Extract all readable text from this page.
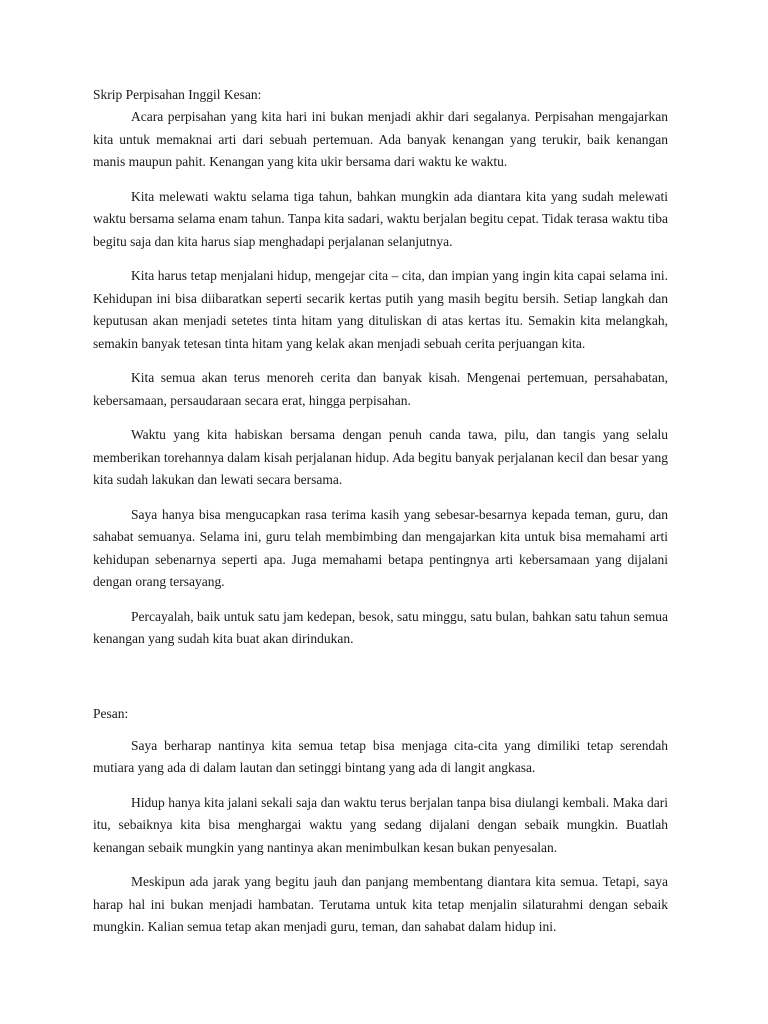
Skrip Perpisahan Inggil Kesan:

Acara perpisahan yang kita hari ini bukan menjadi akhir dari segalanya. Perpisahan mengajarkan kita untuk memaknai arti dari sebuah pertemuan. Ada banyak kenangan yang terukir, baik kenangan manis maupun pahit. Kenangan yang kita ukir bersama dari waktu ke waktu.

Kita melewati waktu selama tiga tahun, bahkan mungkin ada diantara kita yang sudah melewati waktu bersama selama enam tahun. Tanpa kita sadari, waktu berjalan begitu cepat. Tidak terasa waktu tiba begitu saja dan kita harus siap menghadapi perjalanan selanjutnya.

Kita harus tetap menjalani hidup, mengejar cita – cita, dan impian yang ingin kita capai selama ini. Kehidupan ini bisa diibaratkan seperti secarik kertas putih yang masih begitu bersih. Setiap langkah dan keputusan akan menjadi setetes tinta hitam yang dituliskan di atas kertas itu. Semakin kita melangkah, semakin banyak tetesan tinta hitam yang kelak akan menjadi sebuah cerita perjuangan kita.

Kita semua akan terus menoreh cerita dan banyak kisah. Mengenai pertemuan, persahabatan, kebersamaan, persaudaraan secara erat, hingga perpisahan.

Waktu yang kita habiskan bersama dengan penuh canda tawa, pilu, dan tangis yang selalu memberikan torehannya dalam kisah perjalanan hidup. Ada begitu banyak perjalanan kecil dan besar yang kita sudah lakukan dan lewati secara bersama.

Saya hanya bisa mengucapkan rasa terima kasih yang sebesar-besarnya kepada teman, guru, dan sahabat semuanya. Selama ini, guru telah membimbing dan mengajarkan kita untuk bisa memahami arti kehidupan sebenarnya seperti apa. Juga memahami betapa pentingnya arti kebersamaan yang dijalani dengan orang tersayang.

Percayalah, baik untuk satu jam kedepan, besok, satu minggu, satu bulan, bahkan satu tahun semua kenangan yang sudah kita buat akan dirindukan.

Pesan:

Saya berharap nantinya kita semua tetap bisa menjaga cita-cita yang dimiliki tetap serendah mutiara yang ada di dalam lautan dan setinggi bintang yang ada di langit angkasa.

Hidup hanya kita jalani sekali saja dan waktu terus berjalan tanpa bisa diulangi kembali. Maka dari itu, sebaiknya kita bisa menghargai waktu yang sedang dijalani dengan sebaik mungkin. Buatlah kenangan sebaik mungkin yang nantinya akan menimbulkan kesan bukan penyesalan.

Meskipun ada jarak yang begitu jauh dan panjang membentang diantara kita semua. Tetapi, saya harap hal ini bukan menjadi hambatan. Terutama untuk kita tetap menjalin silaturahmi dengan sebaik mungkin. Kalian semua tetap akan menjadi guru, teman, dan sahabat dalam hidup ini.
